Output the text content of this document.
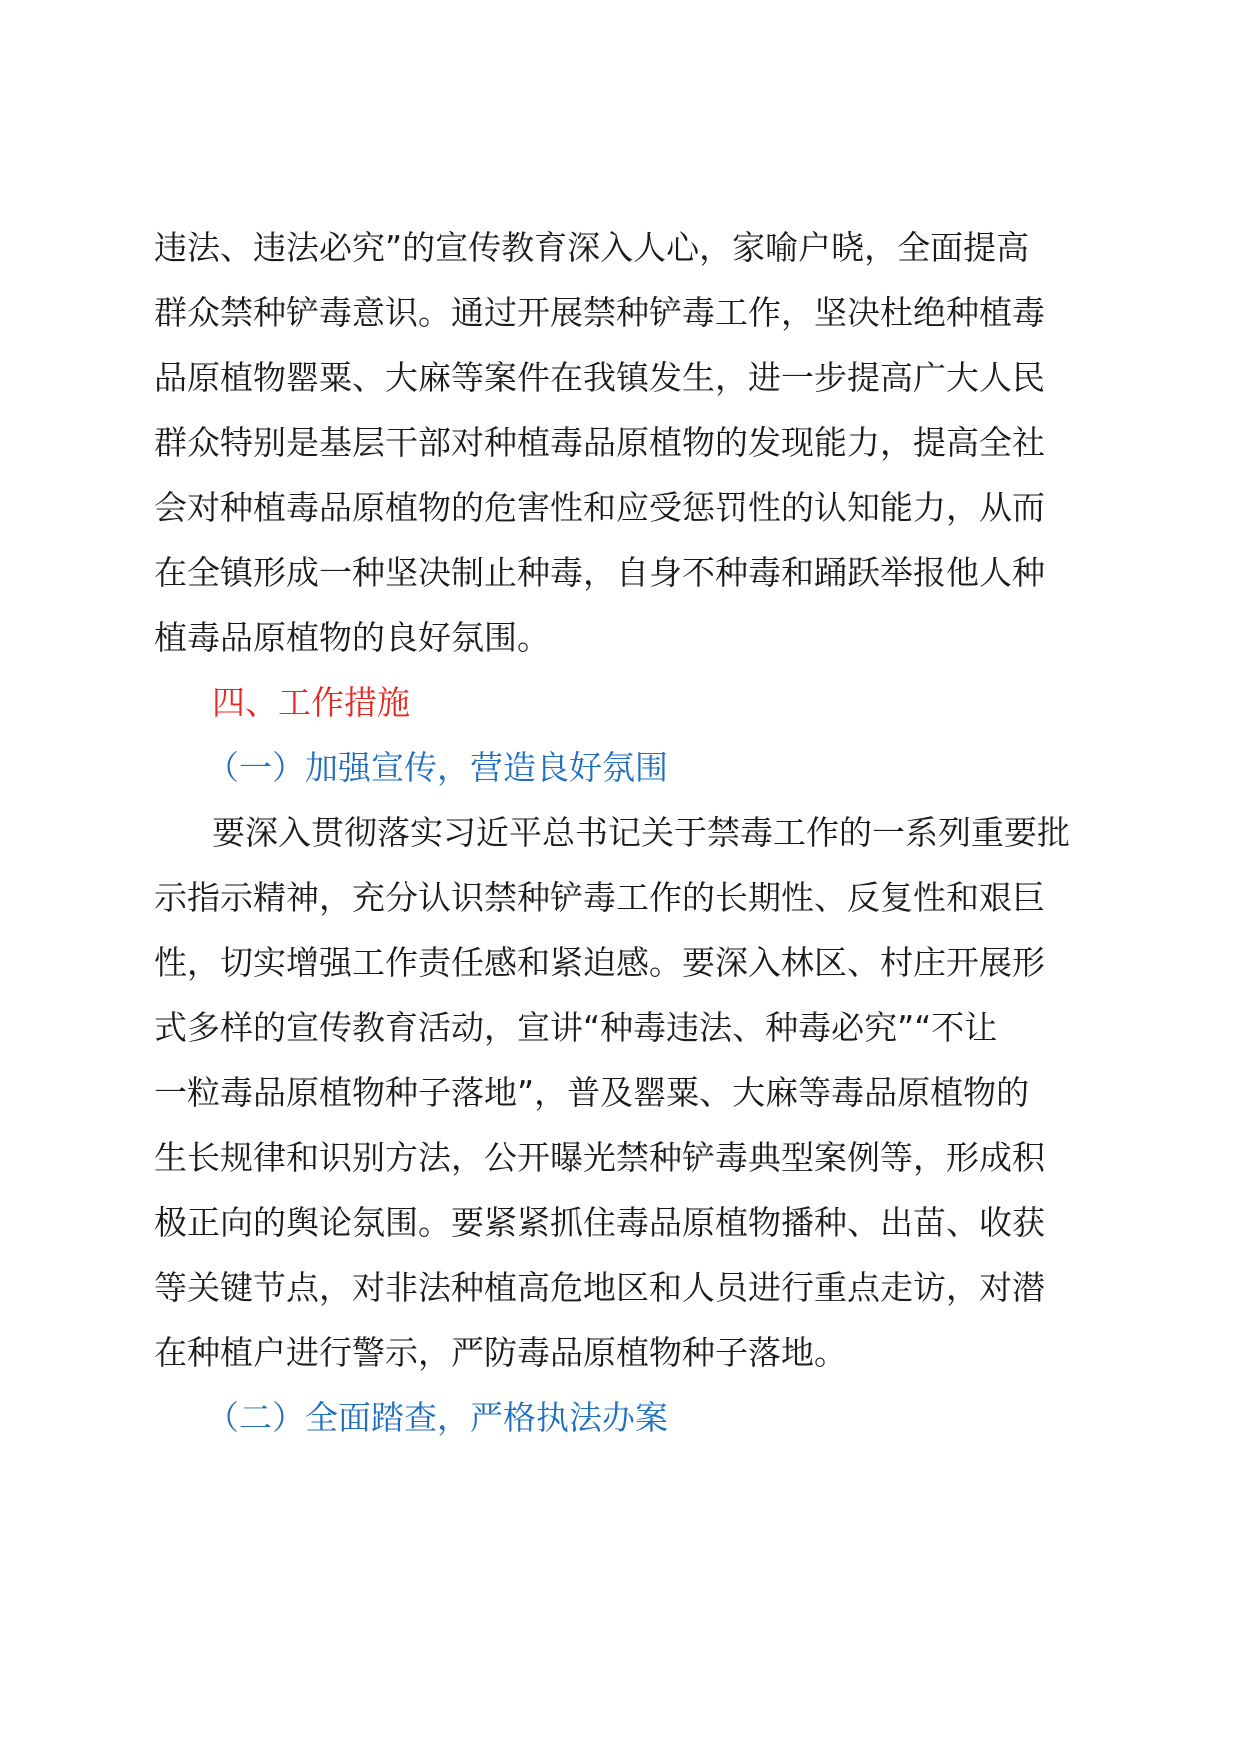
违法、违法必究”的宣传教育深入人心，家喻户晓，全面提高
群众禁种铲毒意识。通过开展禁种铲毒工作，坚决杜绝种植毒
品原植物罂粟、大麻等案件在我镇发生，进一步提高广大人民
群众特别是基层干部对种植毒品原植物的发现能力，提高全社
会对种植毒品原植物的危害性和应受惩罚性的认知能力，从而
在全镇形成一种坚决制止种毒，自身不种毒和踊跃举报他人种
植毒品原植物的良好氛围。
四、工作措施
（一）加强宣传，营造良好氛围
要深入贯彻落实习近平总书记关于禁毒工作的一系列重要批
示指示精神，充分认识禁种铲毒工作的长期性、反复性和艰巨
性，切实增强工作责任感和紧迫感。要深入林区、村庄开展形
式多样的宣传教育活动，宣讲“种毒违法、种毒必究”“不让
一粒毒品原植物种子落地”，普及罂粟、大麻等毒品原植物的
生长规律和识别方法，公开曝光禁种铲毒典型案例等，形成积
极正向的舆论氛围。要紧紧抓住毒品原植物播种、出苗、收获
等关键节点，对非法种植高危地区和人员进行重点走访，对潜
在种植户进行警示，严防毒品原植物种子落地。
（二）全面踏查，严格执法办案
